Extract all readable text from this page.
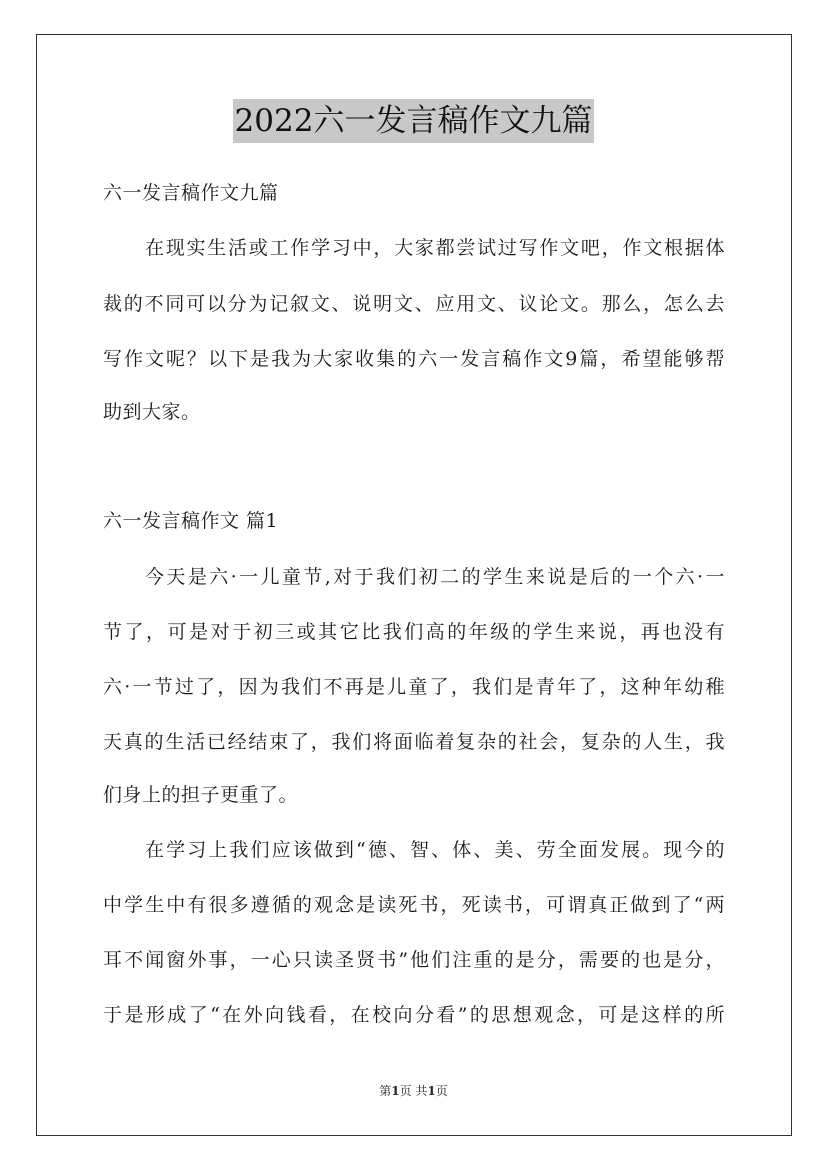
2022六一发言稿作文九篇
六一发言稿作文九篇
在现实生活或工作学习中，大家都尝试过写作文吧，作文根据体
裁的不同可以分为记叙文、说明文、应用文、议论文。那么，怎么去
写作文呢？以下是我为大家收集的六一发言稿作文9篇，希望能够帮
助到大家。
六一发言稿作文 篇1
今天是六·一儿童节,对于我们初二的学生来说是后的一个六·一
节了，可是对于初三或其它比我们高的年级的学生来说，再也没有
六·一节过了，因为我们不再是儿童了，我们是青年了，这种年幼稚
天真的生活已经结束了，我们将面临着复杂的社会，复杂的人生，我
们身上的担子更重了。
在学习上我们应该做到“德、智、体、美、劳全面发展。现今的
中学生中有很多遵循的观念是读死书，死读书，可谓真正做到了“两
耳不闻窗外事，一心只读圣贤书”他们注重的是分，需要的也是分，
于是形成了“在外向钱看，在校向分看”的思想观念，可是这样的所
第1页 共1页
